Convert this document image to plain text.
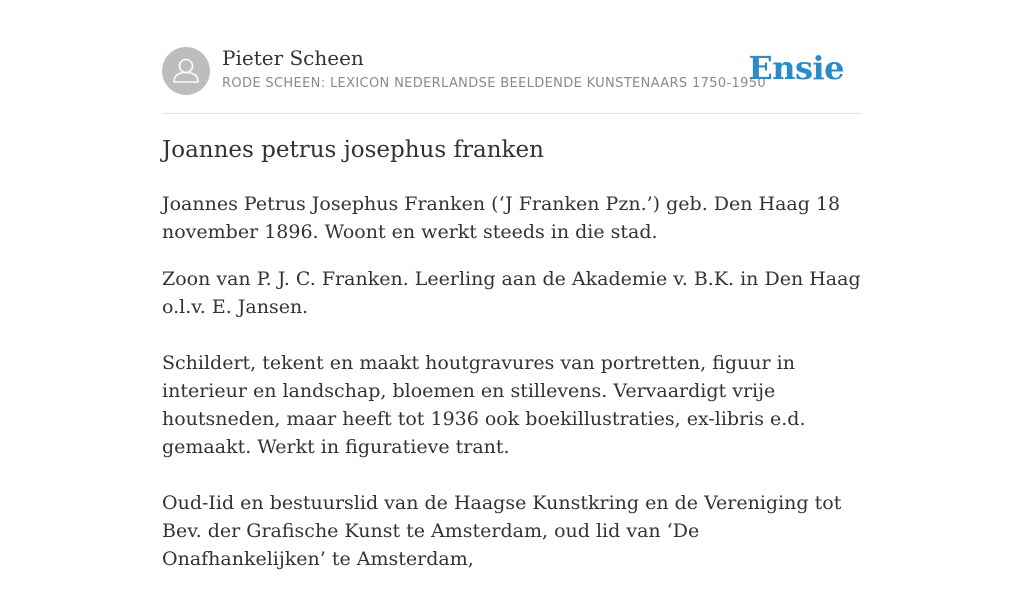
Pieter Scheen
RODE SCHEEN: LEXICON NEDERLANDSE BEELDENDE KUNSTENAARS 1750-1950
Ensie
Joannes petrus josephus franken

Joannes Petrus Josephus Franken (‘J Franken Pzn.’) geb. Den Haag 18 november 1896. Woont en werkt steeds in die stad.

Zoon van P. J. C. Franken. Leerling aan de Akademie v. B.K. in Den Haag o.l.v. E. Jansen.

Schildert, tekent en maakt houtgravures van portretten, figuur in interieur en landschap, bloemen en stillevens. Vervaardigt vrije houtsneden, maar heeft tot 1936 ook boekillustraties, ex-libris e.d. gemaakt. Werkt in figuratieve trant.

Oud-Iid en bestuurslid van de Haagse Kunstkring en de Vereniging tot Bev. der Grafische Kunst te Amsterdam, oud lid van ‘De Onafhankelijken’ te Amsterdam,
